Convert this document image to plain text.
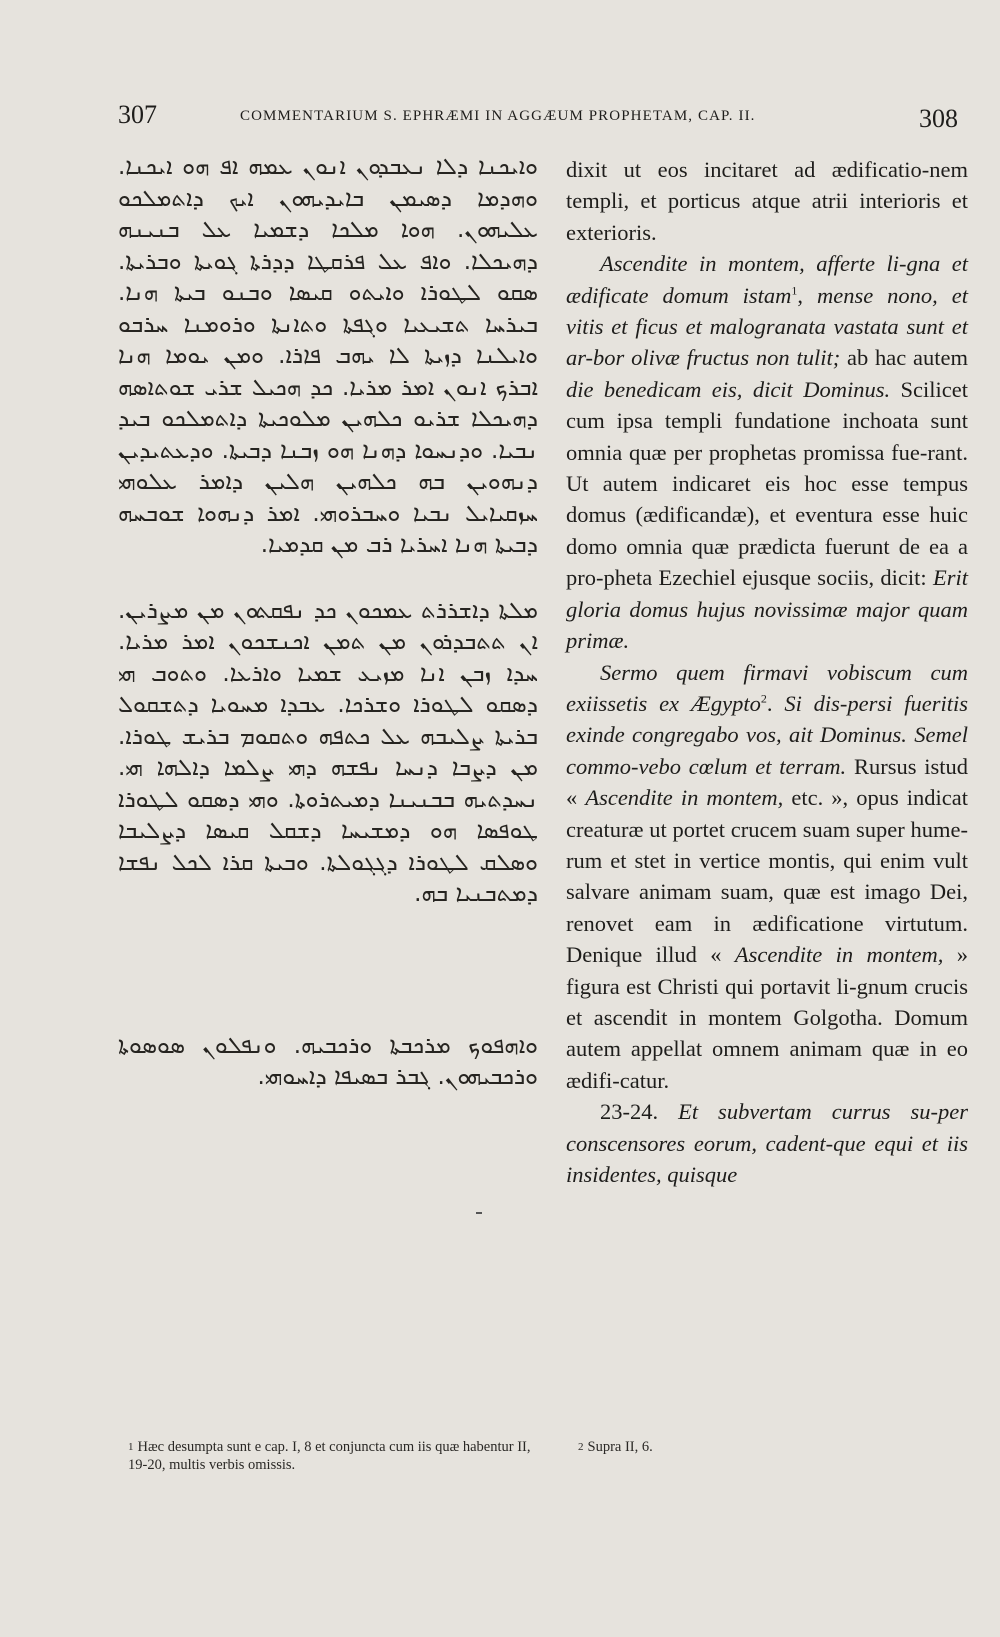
307	COMMENTARIUM S. EPHRÆMI IN AGGÆUM PROPHETAM, CAP. II.	308

ܘܐܝܟܢܐ ܕܠܐ ܢܥܒܕܘܢ ܐܢܘܢ ܥܡܗ ܐܦ ܗܘ ܐܝܟܢܐ. ܘܗܕܡܐ ܕܣܝܡܢ ܒܐܝܕܝܗܘܢ ܐܝܟ ܕܐܬܡܠܟܘ ܥܠܝܗܘܢ. ܗܘܐ ܡܠܟܐ ܕܫܡܝܐ ܥܠ ܒܢܝܢܗ ܕܗܝܟܠܐ. ܘܐܦ ܥܠ ܦܪܩܛܐ ܕܕܪܬܐ ܓܘܝܬܐ ܘܒܪܝܬܐ. ܣܩܘ ܠܛܘܪܐ ܘܐܝܬܘ ܩܝܣܐ ܘܒܢܘ ܒܝܬܐ ܗܢܐ. ܒܝܪܚܐ ܬܫܝܥܝܐ ܘܓܦܬܐ ܘܬܐܢܬܐ ܘܪܘܡܢܐ ܚܪܒܘ ܘܐܝܠܢܐ ܕܙܝܬܐ ܠܐ ܝܗܒ ܦܐܪܐ. ܘܡܢ ܝܘܡܐ ܗܢܐ ܐܒܪܟ ܐܢܘܢ ܐܡܪ ܡܪܝܐ. ܟܕ ܗܟܝܠ ܫܪܝ ܫܘܬܐܣܗ ܕܗܝܟܠܐ ܫܪܝܘ ܟܠܗܝܢ ܡܠܘܟܝܬܐ ܕܐܬܡܠܟܘ ܒܝܕ ܢܒܝܐ. ܘܕܢܚܘܐ ܕܗܢܐ ܗܘ ܙܒܢܐ ܕܒܝܬܐ. ܘܕܥܬܝܕܝܢ ܕܢܗܘܝܢ ܒܗ ܟܠܗܝܢ ܗܠܝܢ ܕܐܡܪ ܥܠܘܗܝ ܚܙܩܝܐܝܠ ܢܒܝܐ ܘܚܒܪܘܗܝ. ܐܡܪ ܕܢܗܘܐ ܫܘܒܚܗ ܕܒܝܬܐ ܗܢܐ ܐܚܪܝܐ ܪܒ ܡܢ ܩܕܡܝܐ.

ܡܠܬܐ ܕܐܫܪܪܬ ܥܡܟܘܢ ܟܕ ܢܦܩܬܘܢ ܡܢ ܡܨܪܝܢ. ܐܢ ܬܬܒܕܪܘܢ ܡܢ ܬܡܢ ܐܟܢܫܟܘܢ ܐܡܪ ܡܪܝܐ. ܚܕܐ ܙܒܢ ܐܢܐ ܡܙܝܥ ܫܡܝܐ ܘܐܪܥܐ. ܘܬܘܒ ܗܝ ܕܣܩܘ ܠܛܘܪܐ ܘܫܪܟܐ. ܥܒܕܐ ܡܚܘܝܐ ܕܬܫܩܘܠ ܒܪܝܬܐ ܨܠܝܒܗ ܥܠ ܟܬܦܗ ܘܬܩܘܡ ܒܪܝܫ ܛܘܪܐ. ܡܢ ܕܨܒܐ ܕܢܚܐ ܢܦܫܗ ܕܗܝ ܨܠܡܐ ܕܐܠܗܐ ܗܝ. ܢܚܕܬܝܗ ܒܒܢܝܢܐ ܕܡܝܬܪܘܬܐ. ܘܗܝ ܕܣܩܘ ܠܛܘܪܐ ܛܘܦܣܐ ܗܘ ܕܡܫܝܚܐ ܕܫܩܠ ܩܝܣܐ ܕܨܠܝܒܐ ܘܣܠܩ ܠܛܘܪܐ ܕܓܓܘܠܬܐ. ܘܒܝܬܐ ܩܪܐ ܠܟܠ ܢܦܫܐ ܕܡܬܒܢܝܐ ܒܗ.

ܘܐܗܦܘܟ ܡܪܟܒܬܐ ܘܪܟܒܝܗ. ܘܢܦܠܘܢ ܣܘܣܘܬܐ ܘܪܟܒܝܗܘܢ. ܓܒܪ ܒܣܝܦܐ ܕܐܚܘܗܝ.

dixit ut eos incitaret ad ædificatio-nem templi, et porticus atque atrii interioris et exterioris.

Ascendite in montem, afferte li-gna et ædificate domum istam$^1$, mense nono, et vitis et ficus et malogranata vastata sunt et ar-bor olivæ fructus non tulit; ab hac autem die benedicam eis, dicit Dominus. Scilicet cum ipsa templi fundatione inchoata sunt omnia quæ per prophetas promissa fue-rant. Ut autem indicaret eis hoc esse tempus domus (ædificandæ), et eventura esse huic domo omnia quæ prædicta fuerunt de ea a pro-pheta Ezechiel ejusque sociis, dicit: Erit gloria domus hujus novissimæ major quam primæ.

Sermo quem firmavi vobiscum cum exiissetis ex Ægypto$^2$. Si dis-persi fueritis exinde congregabo vos, ait Dominus. Semel commo-vebo cœlum et terram. Rursus istud « Ascendite in montem, etc. », opus indicat creaturæ ut portet crucem suam super hume-rum et stet in vertice montis, qui enim vult salvare animam suam, quæ est imago Dei, renovet eam in ædificatione virtutum. Denique illud « Ascendite in montem, » figura est Christi qui portavit li-gnum crucis et ascendit in montem Golgotha. Domum autem appellat omnem animam quæ in eo ædifi-catur.

23-24. Et subvertam currus su-per conscensores eorum, cadent-que equi et iis insidentes, quisque

$^1$ Hæc desumpta sunt e cap. I, 8 et conjuncta cum iis quæ habentur II, 19-20, multis verbis omissis.
$^2$ Supra II, 6.
